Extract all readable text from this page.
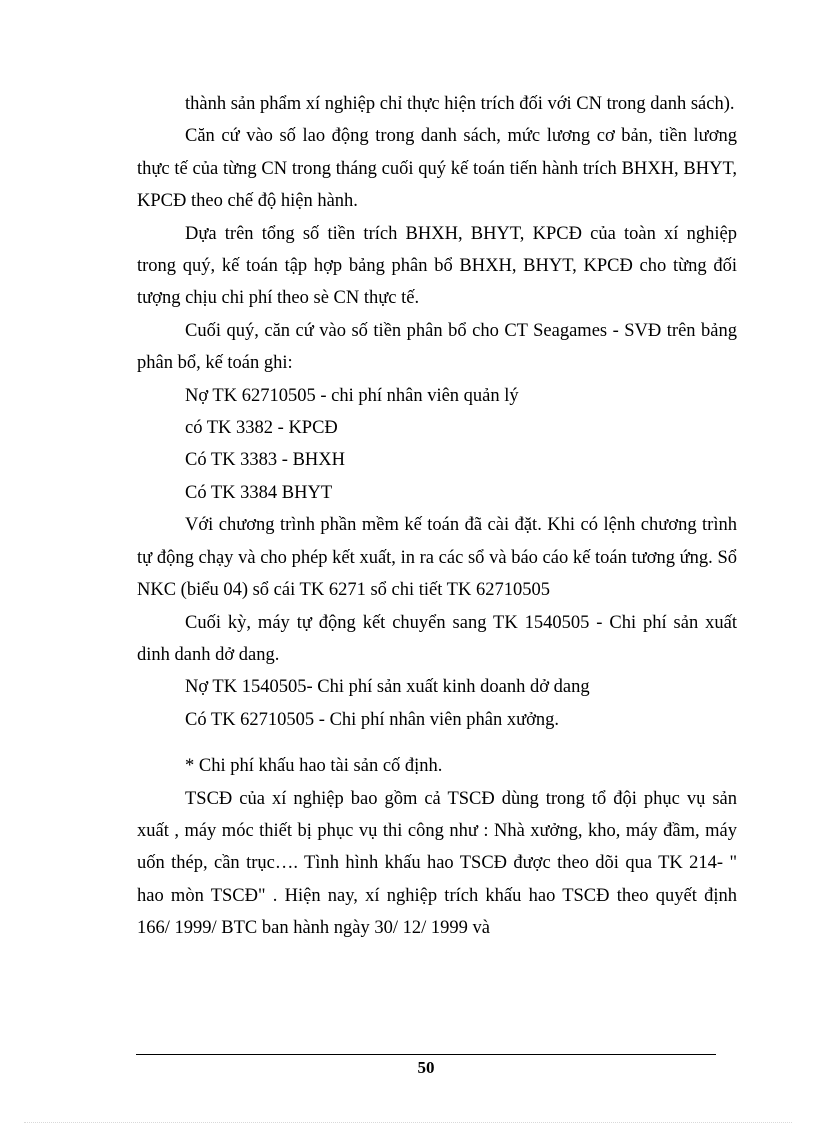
thành sản phẩm xí nghiệp chỉ thực hiện trích đối với CN trong danh sách).

Căn cứ vào số lao động trong danh sách, mức lương cơ bản, tiền lương thực tế của từng CN trong tháng cuối quý kế toán tiến hành trích BHXH, BHYT, KPCĐ theo chế độ hiện hành.

Dựa trên tổng số tiền trích BHXH, BHYT, KPCĐ của toàn xí nghiệp trong quý, kế toán tập hợp bảng phân bổ BHXH, BHYT, KPCĐ cho từng đối tượng chịu chi phí theo sè CN thực tế.

Cuối quý, căn cứ vào số tiền phân bổ cho CT Seagames - SVĐ trên bảng phân bổ, kế toán ghi:

Nợ TK 62710505 - chi phí nhân viên quản lý

có TK 3382 - KPCĐ

Có TK 3383 - BHXH

Có TK 3384 BHYT

Với chương trình phần mềm kế toán đã cài đặt. Khi có lệnh chương trình tự động chạy và cho phép kết xuất, in ra các sổ và báo cáo kế toán tương ứng. Sổ NKC (biểu 04) sổ cái TK 6271 sổ chi tiết TK 62710505

Cuối kỳ, máy tự động kết chuyển sang TK 1540505 - Chi phí sản xuất dinh danh dở dang.

Nợ TK 1540505- Chi phí sản xuất kinh doanh dở dang

Có TK 62710505 - Chi phí nhân viên phân xưởng.

* Chi phí khấu hao tài sản cố định.

TSCĐ của xí nghiệp bao gồm cả TSCĐ dùng trong tổ đội phục vụ sản xuất , máy móc thiết bị phục vụ thi công như : Nhà xưởng, kho, máy đầm, máy uốn thép, cần trục…. Tình hình khấu hao TSCĐ được theo dõi qua TK 214- " hao mòn TSCĐ" . Hiện nay, xí nghiệp trích khấu hao TSCĐ theo quyết định 166/ 1999/ BTC ban hành ngày 30/ 12/ 1999 và

50
